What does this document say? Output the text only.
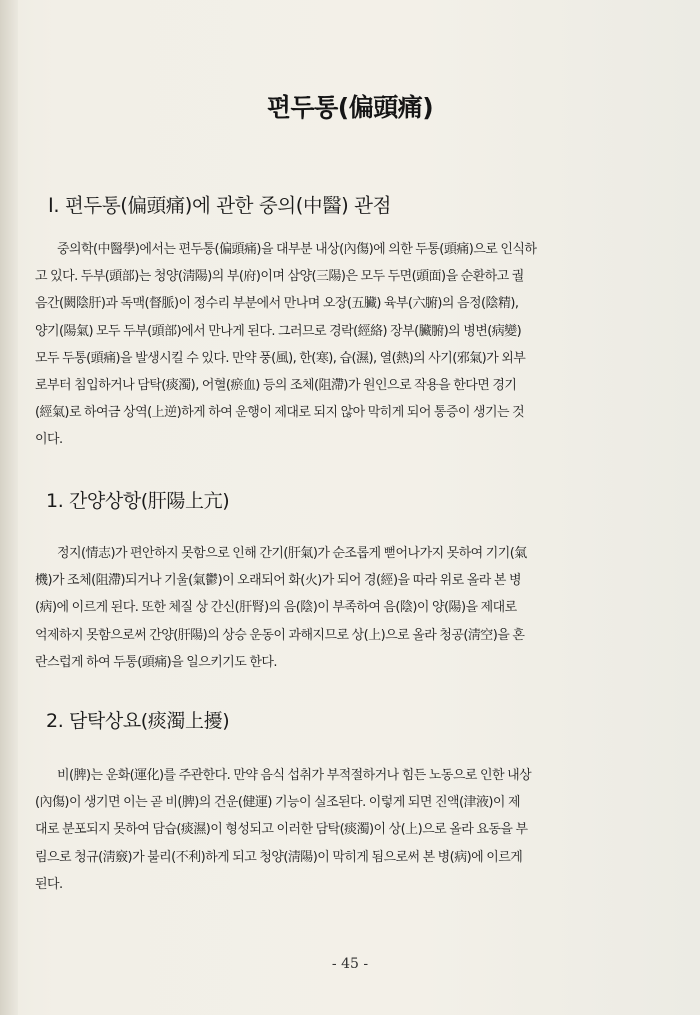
편두통(偏頭痛)
Ⅰ. 편두통(偏頭痛)에 관한 중의(中醫) 관점
중의학(中醫學)에서는 편두통(偏頭痛)을 대부분 내상(內傷)에 의한 두통(頭痛)으로 인식하
고 있다. 두부(頭部)는 청양(淸陽)의 부(府)이며 삼양(三陽)은 모두 두면(頭面)을 순환하고 궐
음간(闕陰肝)과 독맥(督脈)이 정수리 부분에서 만나며 오장(五臟) 육부(六腑)의 음정(陰精),
양기(陽氣) 모두 두부(頭部)에서 만나게 된다. 그러므로 경락(經絡) 장부(臟腑)의 병변(病變)
모두 두통(頭痛)을 발생시킬 수 있다. 만약 풍(風), 한(寒), 습(濕), 열(熱)의 사기(邪氣)가 외부
로부터 침입하거나 담탁(痰濁), 어혈(瘀血) 등의 조체(阻滯)가 원인으로 작용을 한다면 경기
(經氣)로 하여금 상역(上逆)하게 하여 운행이 제대로 되지 않아 막히게 되어 통증이 생기는 것
이다.
1. 간양상항(肝陽上亢)
정지(情志)가 편안하지 못함으로 인해 간기(肝氣)가 순조롭게 뻗어나가지 못하여 기기(氣
機)가 조체(阻滯)되거나 기울(氣鬱)이 오래되어 화(火)가 되어 경(經)을 따라 위로 올라 본 병
(病)에 이르게 된다. 또한 체질 상 간신(肝腎)의 음(陰)이 부족하여 음(陰)이 양(陽)을 제대로
억제하지 못함으로써 간양(肝陽)의 상승 운동이 과해지므로 상(上)으로 올라 청공(淸空)을 혼
란스럽게 하여 두통(頭痛)을 일으키기도 한다.
2. 담탁상요(痰濁上擾)
비(脾)는 운화(運化)를 주관한다. 만약 음식 섭취가 부적절하거나 힘든 노동으로 인한 내상
(內傷)이 생기면 이는 곧 비(脾)의 건운(健運) 기능이 실조된다. 이렇게 되면 진액(津液)이 제
대로 분포되지 못하여 담습(痰濕)이 형성되고 이러한 담탁(痰濁)이 상(上)으로 올라 요동을 부
림으로 청규(淸竅)가 불리(不利)하게 되고 청양(淸陽)이 막히게 됨으로써 본 병(病)에 이르게
된다.
- 45 -
